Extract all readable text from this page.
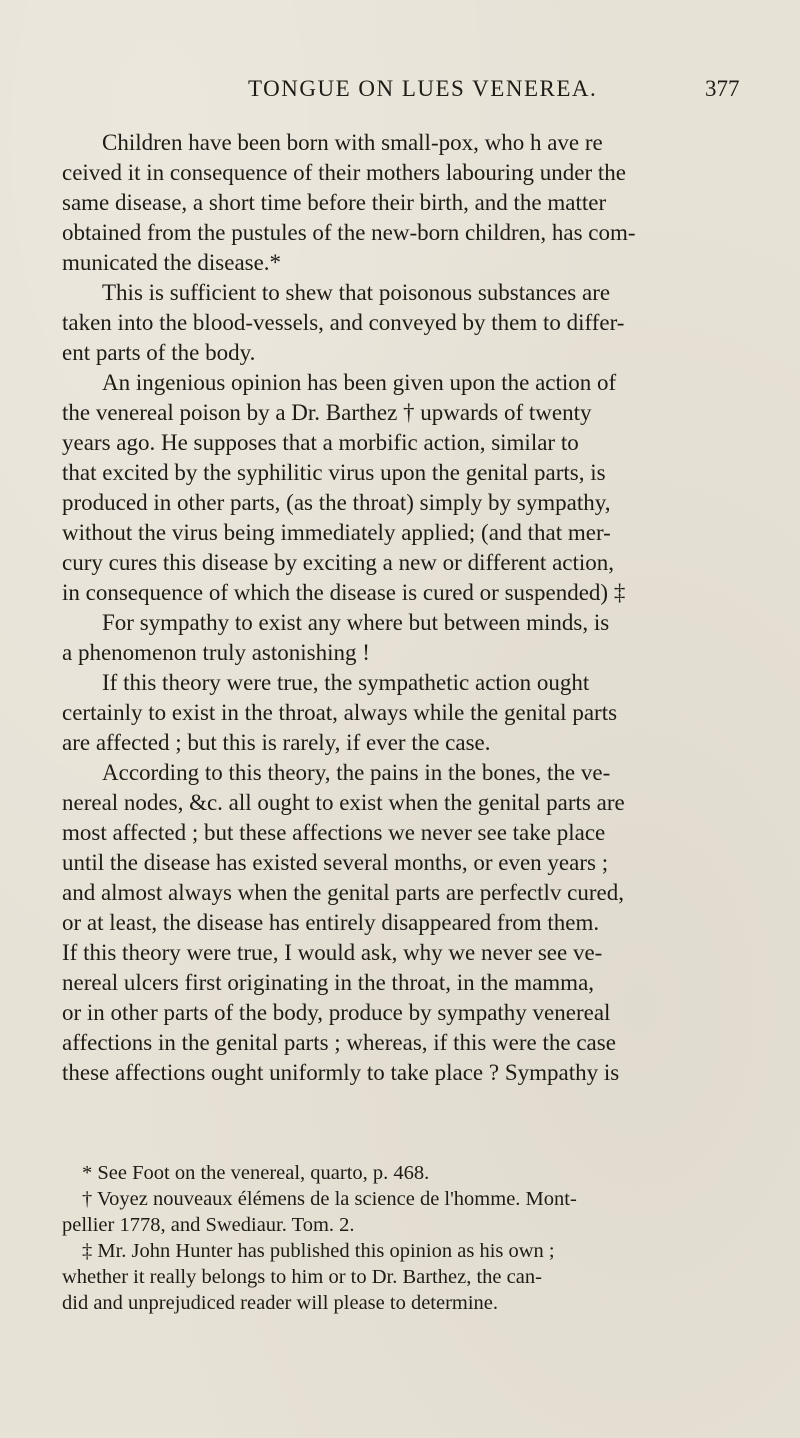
TONGUE ON LUES VENEREA.	377
Children have been born with small-pox, who h ave re
ceived it in consequence of their mothers labouring under the
same disease, a short time before their birth, and the matter
obtained from the pustules of the new-born children, has com-
municated the disease.*
This is sufficient to shew that poisonous substances are
taken into the blood-vessels, and conveyed by them to differ-
ent parts of the body.
An ingenious opinion has been given upon the action of
the venereal poison by a Dr. Barthez † upwards of twenty
years ago. He supposes that a morbific action, similar to
that excited by the syphilitic virus upon the genital parts, is
produced in other parts, (as the throat) simply by sympathy,
without the virus being immediately applied; (and that mer-
cury cures this disease by exciting a new or different action,
in consequence of which the disease is cured or suspended) ‡
For sympathy to exist any where but between minds, is
a phenomenon truly astonishing !
If this theory were true, the sympathetic action ought
certainly to exist in the throat, always while the genital parts
are affected ; but this is rarely, if ever the case.
According to this theory, the pains in the bones, the ve-
nereal nodes, &c. all ought to exist when the genital parts are
most affected ; but these affections we never see take place
until the disease has existed several months, or even years ;
and almost always when the genital parts are perfectlv cured,
or at least, the disease has entirely disappeared from them.
If this theory were true, I would ask, why we never see ve-
nereal ulcers first originating in the throat, in the mamma,
or in other parts of the body, produce by sympathy venereal
affections in the genital parts ; whereas, if this were the case
these affections ought uniformly to take place ? Sympathy is
* See Foot on the venereal, quarto, p. 468.
† Voyez nouveaux élémens de la science de l'homme. Mont-
pellier 1778, and Swediaur. Tom. 2.
‡ Mr. John Hunter has published this opinion as his own ;
whether it really belongs to him or to Dr. Barthez, the can-
did and unprejudiced reader will please to determine.
